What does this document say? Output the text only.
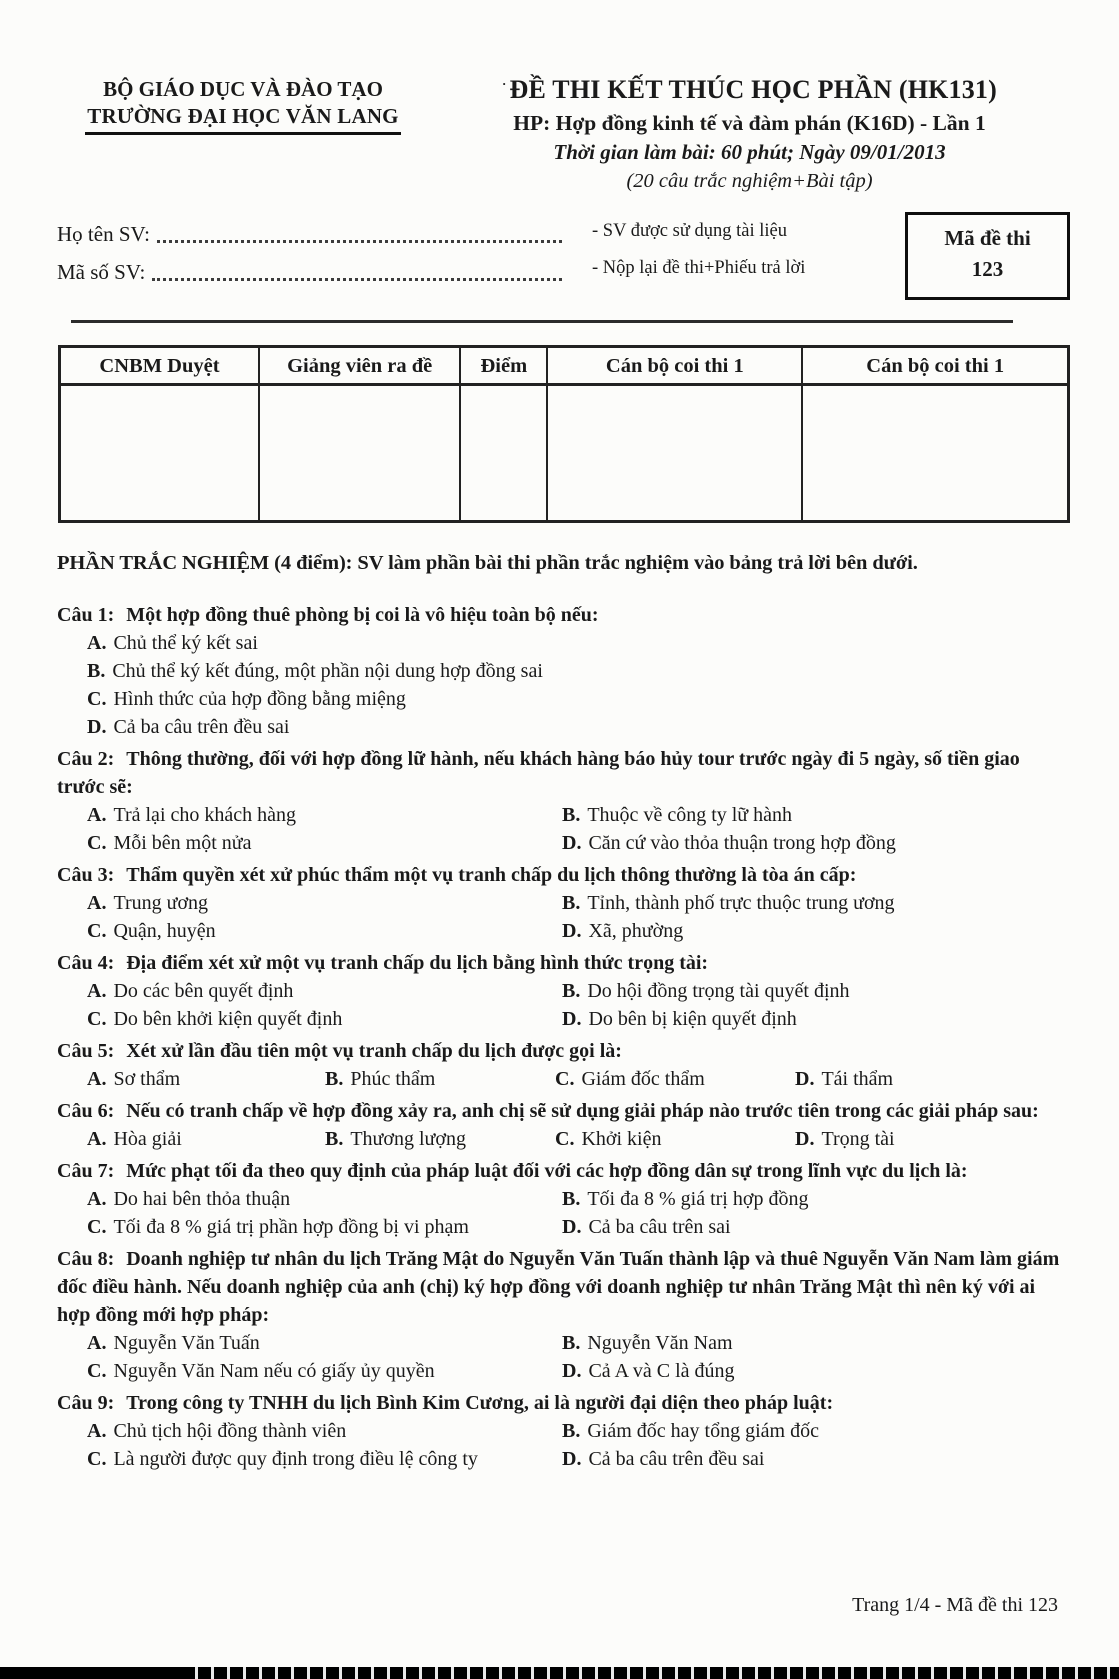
BỘ GIÁO DỤC VÀ ĐÀO TẠO
TRƯỜNG ĐẠI HỌC VĂN LANG
· ĐỀ THI KẾT THÚC HỌC PHẦN (HK131)
HP: Hợp đồng kinh tế và đàm phán (K16D) - Lần 1
Thời gian làm bài: 60 phút; Ngày 09/01/2013
(20 câu trắc nghiệm+Bài tập)
Họ tên SV:
Mã số SV:
- SV được sử dụng tài liệu
- Nộp lại đề thi+Phiếu trả lời
Mã đề thi
123
CNBM Duyệt	Giảng viên ra đề	Điểm	Cán bộ coi thi 1	Cán bộ coi thi 1

PHẦN TRẮC NGHIỆM (4 điểm): SV làm phần bài thi phần trắc nghiệm vào bảng trả lời bên dưới.
Câu 1: Một hợp đồng thuê phòng bị coi là vô hiệu toàn bộ nếu:
A. Chủ thể ký kết sai
B. Chủ thể ký kết đúng, một phần nội dung hợp đồng sai
C. Hình thức của hợp đồng bằng miệng
D. Cả ba câu trên đều sai
Câu 2: Thông thường, đối với hợp đồng lữ hành, nếu khách hàng báo hủy tour trước ngày đi 5 ngày, số tiền giao trước sẽ:
A. Trả lại cho khách hàng	B. Thuộc về công ty lữ hành
C. Mỗi bên một nửa	D. Căn cứ vào thỏa thuận trong hợp đồng
Câu 3: Thẩm quyền xét xử phúc thẩm một vụ tranh chấp du lịch thông thường là tòa án cấp:
A. Trung ương	B. Tỉnh, thành phố trực thuộc trung ương
C. Quận, huyện	D. Xã, phường
Câu 4: Địa điểm xét xử một vụ tranh chấp du lịch bằng hình thức trọng tài:
A. Do các bên quyết định	B. Do hội đồng trọng tài quyết định
C. Do bên khởi kiện quyết định	D. Do bên bị kiện quyết định
Câu 5: Xét xử lần đầu tiên một vụ tranh chấp du lịch được gọi là:
A. Sơ thẩm	B. Phúc thẩm	C. Giám đốc thẩm	D. Tái thẩm
Câu 6: Nếu có tranh chấp về hợp đồng xảy ra, anh chị sẽ sử dụng giải pháp nào trước tiên trong các giải pháp sau:
A. Hòa giải	B. Thương lượng	C. Khởi kiện	D. Trọng tài
Câu 7: Mức phạt tối đa theo quy định của pháp luật đối với các hợp đồng dân sự trong lĩnh vực du lịch là:
A. Do hai bên thỏa thuận	B. Tối đa 8 % giá trị hợp đồng
C. Tối đa 8 % giá trị phần hợp đồng bị vi phạm	D. Cả ba câu trên sai
Câu 8: Doanh nghiệp tư nhân du lịch Trăng Mật do Nguyễn Văn Tuấn thành lập và thuê Nguyễn Văn Nam làm giám đốc điều hành. Nếu doanh nghiệp của anh (chị) ký hợp đồng với doanh nghiệp tư nhân Trăng Mật thì nên ký với ai hợp đồng mới hợp pháp:
A. Nguyễn Văn Tuấn	B. Nguyễn Văn Nam
C. Nguyễn Văn Nam nếu có giấy ủy quyền	D. Cả A và C là đúng
Câu 9: Trong công ty TNHH du lịch Bình Kim Cương, ai là người đại diện theo pháp luật:
A. Chủ tịch hội đồng thành viên	B. Giám đốc hay tổng giám đốc
C. Là người được quy định trong điều lệ công ty	D. Cả ba câu trên đều sai
Trang 1/4 - Mã đề thi 123
